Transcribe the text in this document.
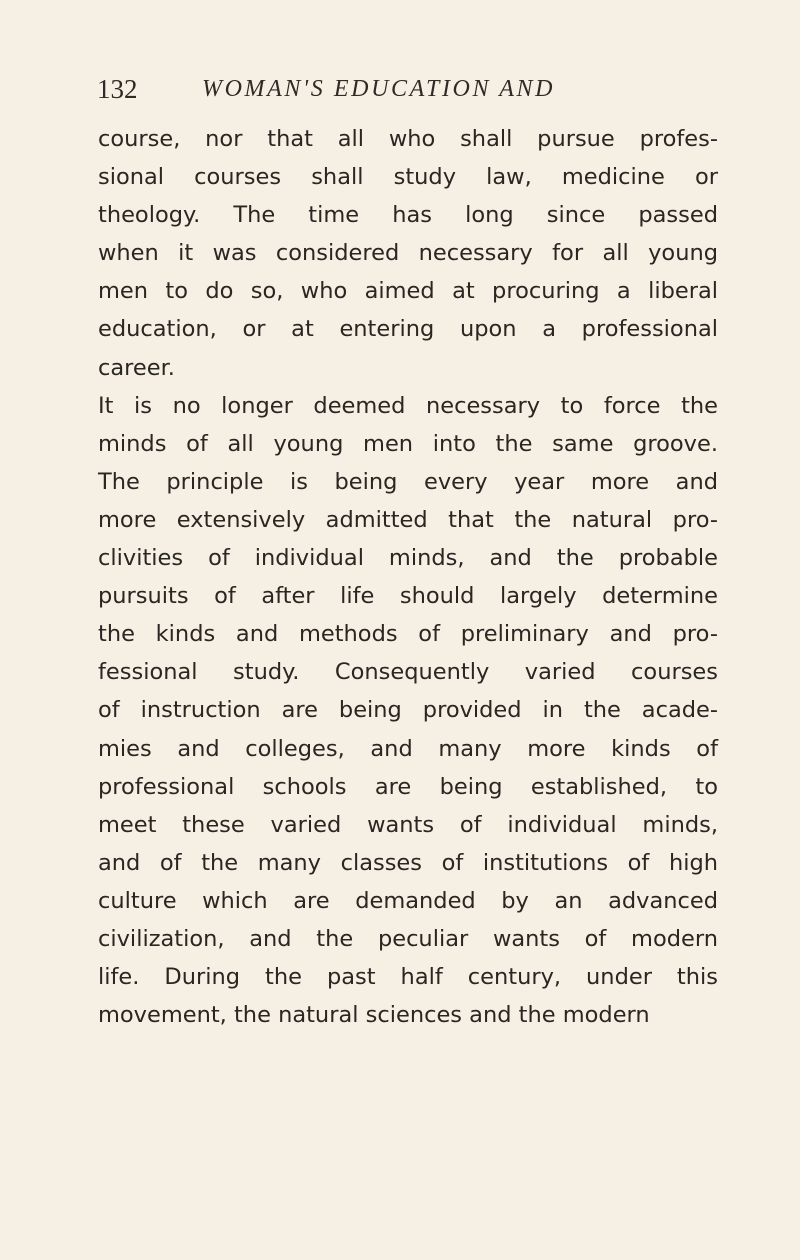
132	WOMAN'S EDUCATION AND
course, nor that all who shall pursue profes-
sional courses shall study law, medicine or
theology. The time has long since passed
when it was considered necessary for all young
men to do so, who aimed at procuring a liberal
education, or at entering upon a professional
career.
It is no longer deemed necessary to force the
minds of all young men into the same groove.
The principle is being every year more and
more extensively admitted that the natural pro-
clivities of individual minds, and the probable
pursuits of after life should largely determine
the kinds and methods of preliminary and pro-
fessional study. Consequently varied courses
of instruction are being provided in the acade-
mies and colleges, and many more kinds of
professional schools are being established, to
meet these varied wants of individual minds,
and of the many classes of institutions of high
culture which are demanded by an advanced
civilization, and the peculiar wants of modern
life. During the past half century, under this
movement, the natural sciences and the modern
